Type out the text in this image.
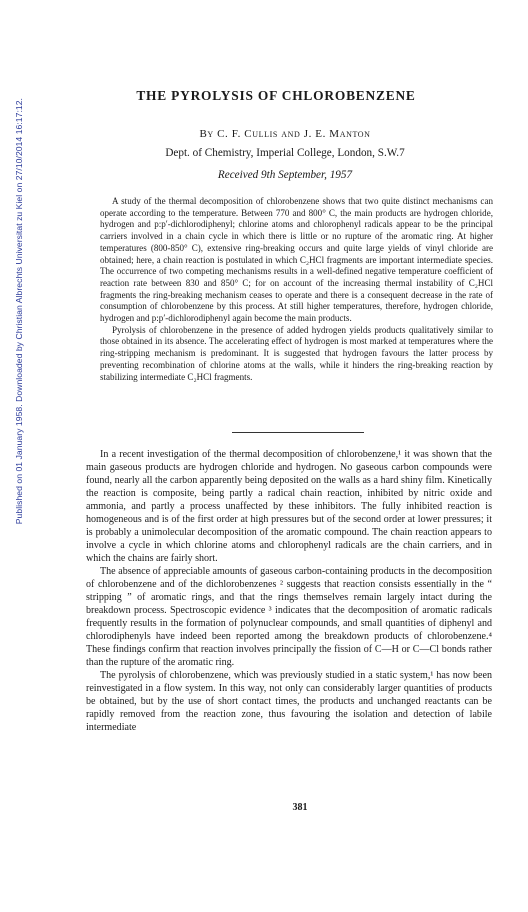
Published on 01 January 1958. Downloaded by Christian Albrechts Universitat zu Kiel on 27/10/2014 16:17:12.
THE PYROLYSIS OF CHLOROBENZENE
By C. F. Cullis and J. E. Manton
Dept. of Chemistry, Imperial College, London, S.W.7
Received 9th September, 1957

A study of the thermal decomposition of chlorobenzene shows that two quite distinct mechanisms can operate according to the temperature. Between 770 and 800° C, the main products are hydrogen chloride, hydrogen and p:p′-dichlorodiphenyl; chlorine atoms and chlorophenyl radicals appear to be the principal carriers involved in a chain cycle in which there is little or no rupture of the aromatic ring. At higher temperatures (800-850° C), extensive ring-breaking occurs and quite large yields of vinyl chloride are obtained; here, a chain reaction is postulated in which C₂HCl fragments are important intermediate species. The occurrence of two competing mechanisms results in a well-defined negative temperature coefficient of reaction rate between 830 and 850° C; for on account of the increasing thermal instability of C₂HCl fragments the ring-breaking mechanism ceases to operate and there is a consequent decrease in the rate of consumption of chlorobenzene by this process. At still higher temperatures, therefore, hydrogen chloride, hydrogen and p:p′-dichlorodiphenyl again become the main products.

Pyrolysis of chlorobenzene in the presence of added hydrogen yields products qualitatively similar to those obtained in its absence. The accelerating effect of hydrogen is most marked at temperatures where the ring-stripping mechanism is predominant. It is suggested that hydrogen favours the latter process by preventing recombination of chlorine atoms at the walls, while it hinders the ring-breaking reaction by stabilizing intermediate C₂HCl fragments.

In a recent investigation of the thermal decomposition of chlorobenzene,¹ it was shown that the main gaseous products are hydrogen chloride and hydrogen. No gaseous carbon compounds were found, nearly all the carbon apparently being deposited on the walls as a hard shiny film. Kinetically the reaction is composite, being partly a radical chain reaction, inhibited by nitric oxide and ammonia, and partly a process unaffected by these inhibitors. The fully inhibited reaction is homogeneous and is of the first order at high pressures but of the second order at lower pressures; it is probably a unimolecular decomposition of the aromatic compound. The chain reaction appears to involve a cycle in which chlorine atoms and chlorophenyl radicals are the chain carriers, and in which the chains are fairly short.

The absence of appreciable amounts of gaseous carbon-containing products in the decomposition of chlorobenzene and of the dichlorobenzenes ² suggests that reaction consists essentially in the “ stripping ” of aromatic rings, and that the rings themselves remain largely intact during the breakdown process. Spectroscopic evidence ³ indicates that the decomposition of aromatic radicals frequently results in the formation of polynuclear compounds, and small quantities of diphenyl and chlorodiphenyls have indeed been reported among the breakdown products of chlorobenzene.⁴ These findings confirm that reaction involves principally the fission of C—H or C—Cl bonds rather than the rupture of the aromatic ring.

The pyrolysis of chlorobenzene, which was previously studied in a static system,¹ has now been reinvestigated in a flow system. In this way, not only can considerably larger quantities of products be obtained, but by the use of short contact times, the products and unchanged reactants can be rapidly removed from the reaction zone, thus favouring the isolation and detection of labile intermediate

381
